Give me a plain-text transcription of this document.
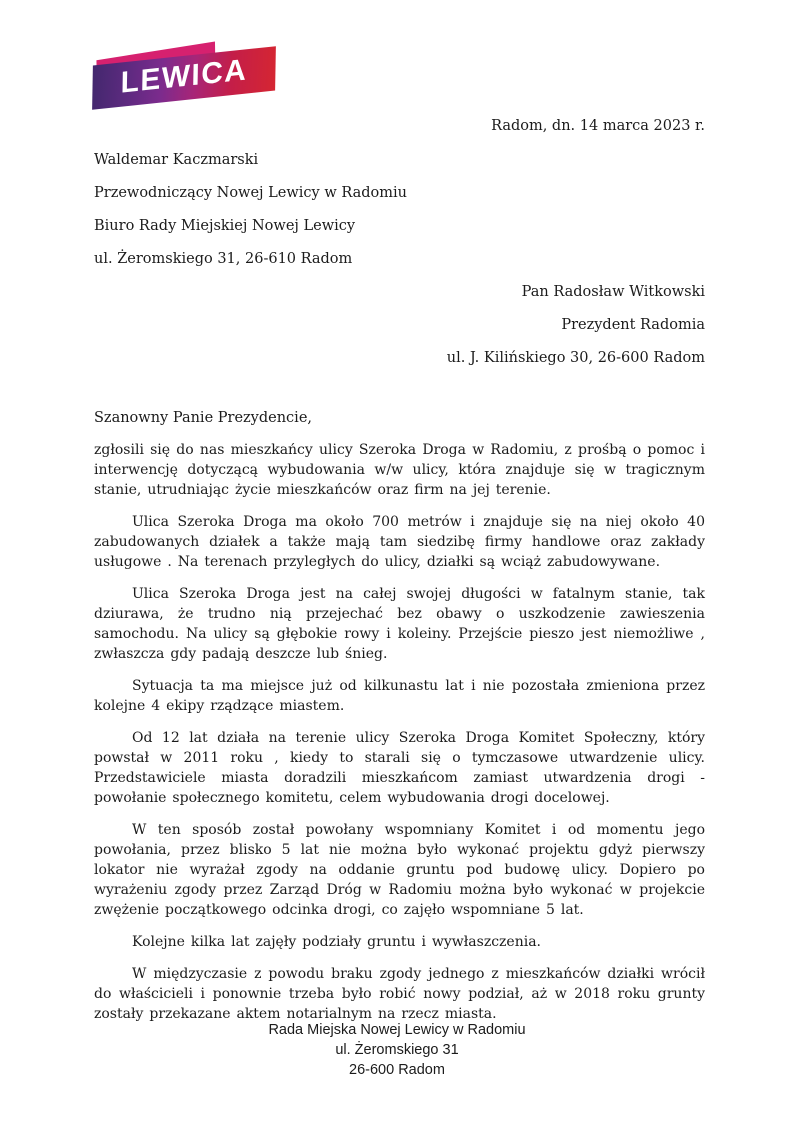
LEWICA
Radom, dn. 14 marca 2023 r.

Waldemar Kaczmarski

Przewodniczący Nowej Lewicy w Radomiu

Biuro Rady Miejskiej Nowej Lewicy

ul. Żeromskiego 31, 26-610 Radom

Pan Radosław Witkowski

Prezydent Radomia

ul. J. Kilińskiego 30, 26-600 Radom

Szanowny Panie Prezydencie,

zgłosili się do nas mieszkańcy ulicy Szeroka Droga w Radomiu, z prośbą o pomoc i interwencję dotyczącą wybudowania w/w ulicy, która znajduje się w tragicznym stanie, utrudniając życie mieszkańców oraz firm na jej terenie.

Ulica Szeroka Droga ma około 700 metrów i znajduje się na niej około 40 zabudowanych działek a także mają tam siedzibę firmy handlowe oraz zakłady usługowe . Na terenach przyległych do ulicy, działki są wciąż zabudowywane.

Ulica Szeroka Droga jest na całej swojej długości w fatalnym stanie, tak dziurawa, że trudno nią przejechać bez obawy o uszkodzenie zawieszenia samochodu. Na ulicy są głębokie rowy i koleiny. Przejście pieszo jest niemożliwe , zwłaszcza gdy padają deszcze lub śnieg.

Sytuacja ta ma miejsce już od kilkunastu lat i nie pozostała zmieniona przez kolejne 4 ekipy rządzące miastem.

Od 12 lat działa na terenie ulicy Szeroka Droga Komitet Społeczny, który powstał w 2011 roku , kiedy to starali się o tymczasowe utwardzenie ulicy. Przedstawiciele miasta doradzili mieszkańcom zamiast utwardzenia drogi - powołanie społecznego komitetu, celem wybudowania drogi docelowej.

W ten sposób został powołany wspomniany Komitet i od momentu jego powołania, przez blisko 5 lat nie można było wykonać projektu gdyż pierwszy lokator nie wyrażał zgody na oddanie gruntu pod budowę ulicy. Dopiero po wyrażeniu zgody przez Zarząd Dróg w Radomiu można było wykonać w projekcie zwężenie początkowego odcinka drogi, co zajęło wspomniane 5 lat.

Kolejne kilka lat zajęły podziały gruntu i wywłaszczenia.

W międzyczasie z powodu braku zgody jednego z mieszkańców działki wrócił do właścicieli i ponownie trzeba było robić nowy podział, aż w 2018 roku grunty zostały przekazane aktem notarialnym na rzecz miasta.

Rada Miejska Nowej Lewicy w Radomiu

ul. Żeromskiego 31

26-600 Radom
